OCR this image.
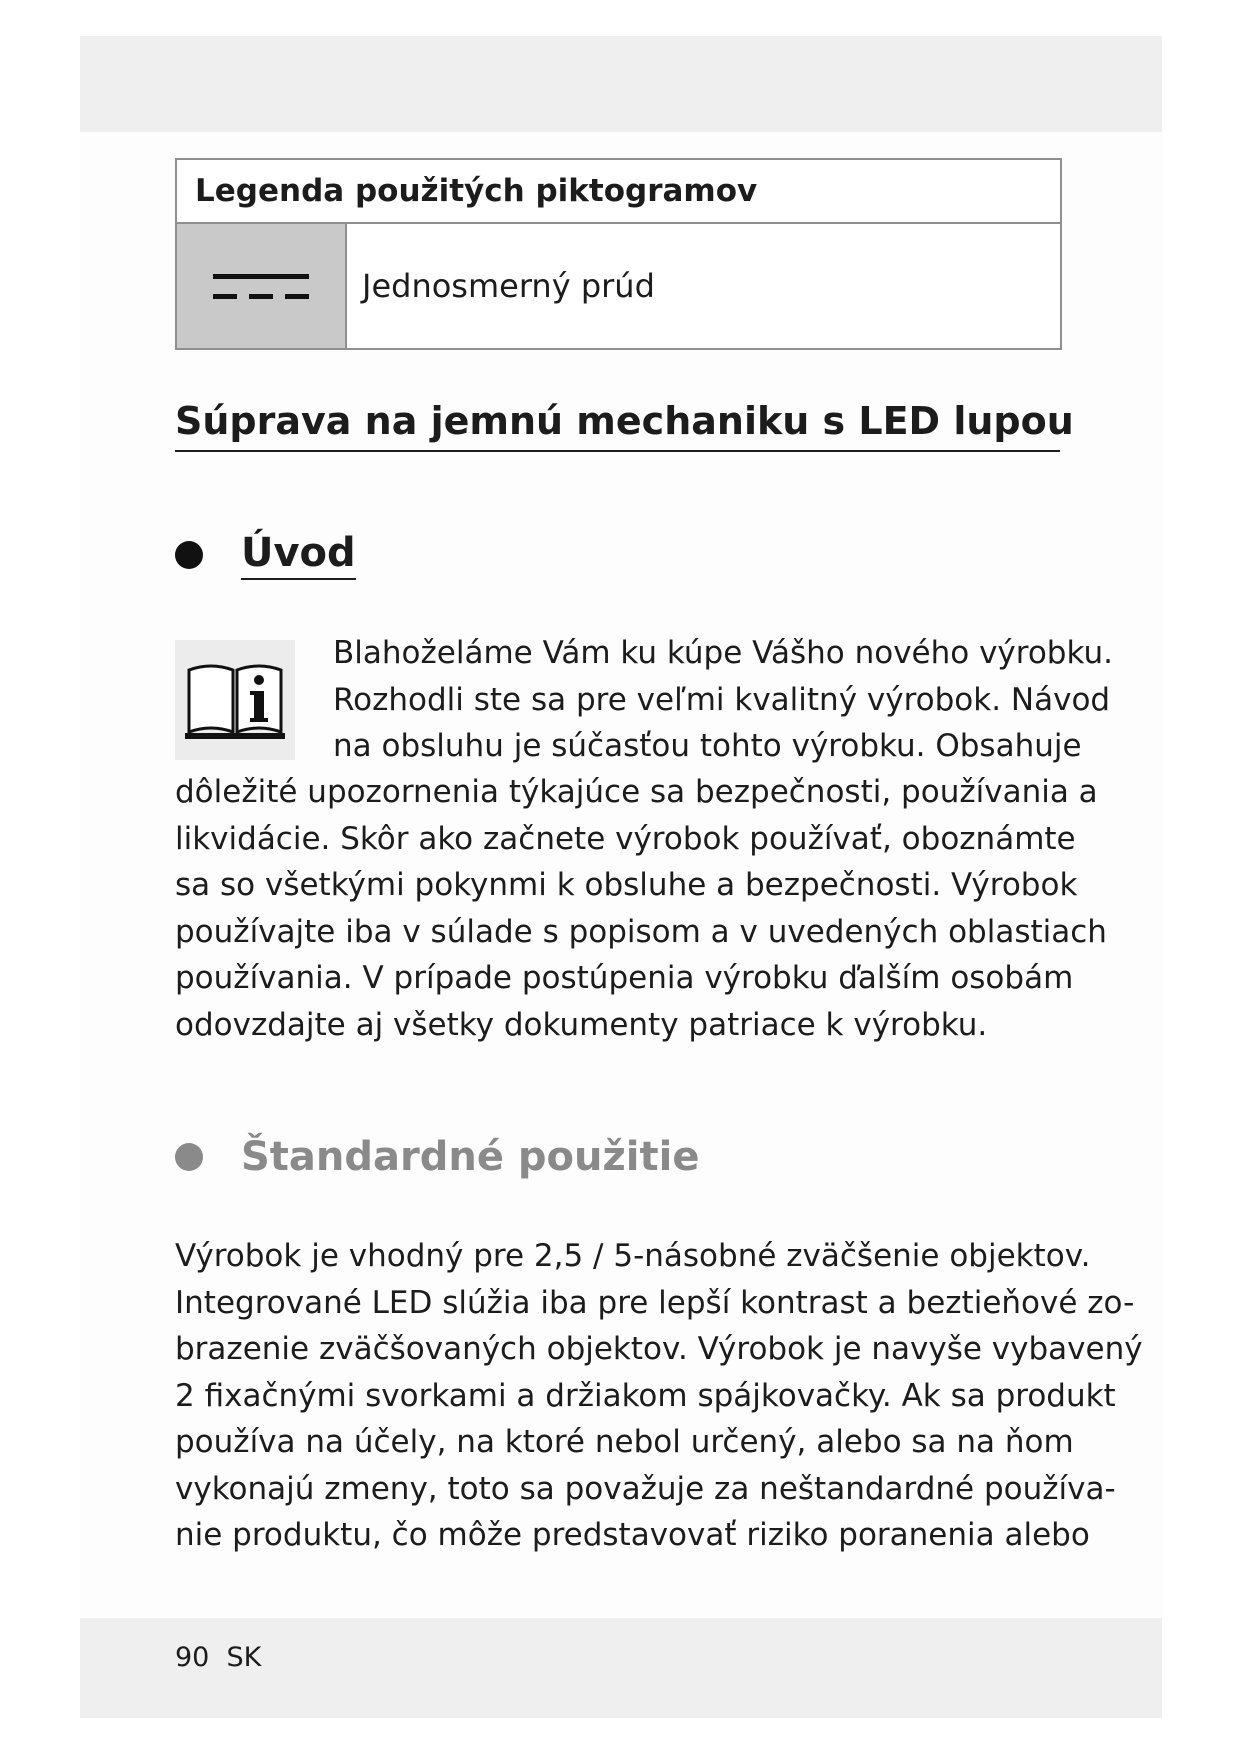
Legenda použitých piktogramov
Jednosmerný prúd
Súprava na jemnú mechaniku s LED lupou
Úvod
Blahoželáme Vám ku kúpe Vášho nového výrobku.
Rozhodli ste sa pre veľmi kvalitný výrobok. Návod
na obsluhu je súčasťou tohto výrobku. Obsahuje
dôležité upozornenia týkajúce sa bezpečnosti, používania a
likvidácie. Skôr ako začnete výrobok používať, oboznámte
sa so všetkými pokynmi k obsluhe a bezpečnosti. Výrobok
používajte iba v súlade s popisom a v uvedených oblastiach
používania. V prípade postúpenia výrobku ďalším osobám
odovzdajte aj všetky dokumenty patriace k výrobku.
Štandardné použitie
Výrobok je vhodný pre 2,5 / 5-násobné zväčšenie objektov.
Integrované LED slúžia iba pre lepší kontrast a beztieňové zo-
brazenie zväčšovaných objektov. Výrobok je navyše vybavený
2 fixačnými svorkami a držiakom spájkovačky. Ak sa produkt
používa na účely, na ktoré nebol určený, alebo sa na ňom
vykonajú zmeny, toto sa považuje za neštandardné používa-
nie produktu, čo môže predstavovať riziko poranenia alebo
90 SK
